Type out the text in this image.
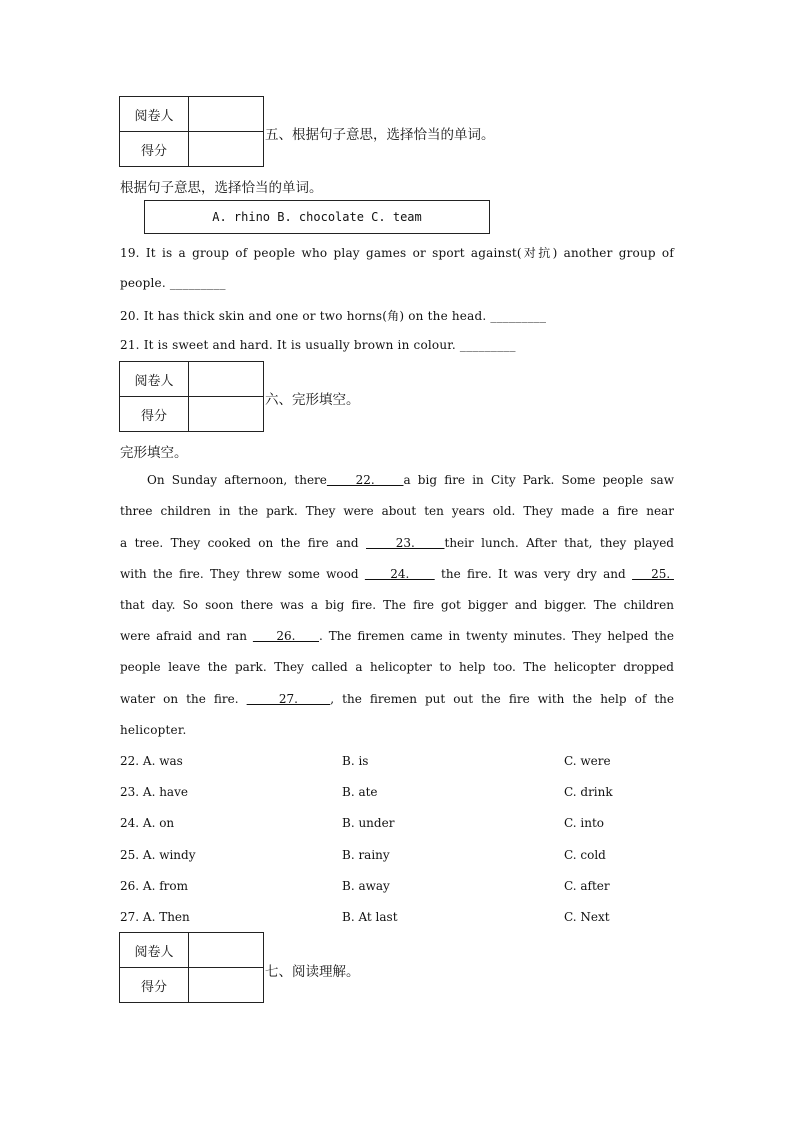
阅卷人	
得分	
五、根据句子意思，选择恰当的单词。
根据句子意思，选择恰当的单词。
A. rhino B. chocolate C. team
19. It is a group of people who play games or sport against(对抗) another group of
people. _________
20. It has thick skin and one or two horns(角) on the head. _________
21. It is sweet and hard. It is usually brown in colour. _________
阅卷人	
得分	
六、完形填空。
完形填空。
On Sunday afternoon, there    22.    a big fire in City Park. Some people saw
three children in the park. They were about ten years old. They made a fire near
a tree. They cooked on the fire and     23.    their lunch. After that, they played
with the fire. They threw some wood     24.     the fire. It was very dry and    25.
that day. So soon there was a big fire. The fire got bigger and bigger. The children
were afraid and ran     26.    . The firemen came in twenty minutes. They helped the
people leave the park. They called a helicopter to help too. The helicopter dropped
water on the fire.     27.    , the firemen put out the fire with the help of the
helicopter.
22. A. was	B. is	C. were
23. A. have	B. ate	C. drink
24. A. on	B. under	C. into
25. A. windy	B. rainy	C. cold
26. A. from	B. away	C. after
27. A. Then	B. At last	C. Next
阅卷人	
得分	
七、阅读理解。
